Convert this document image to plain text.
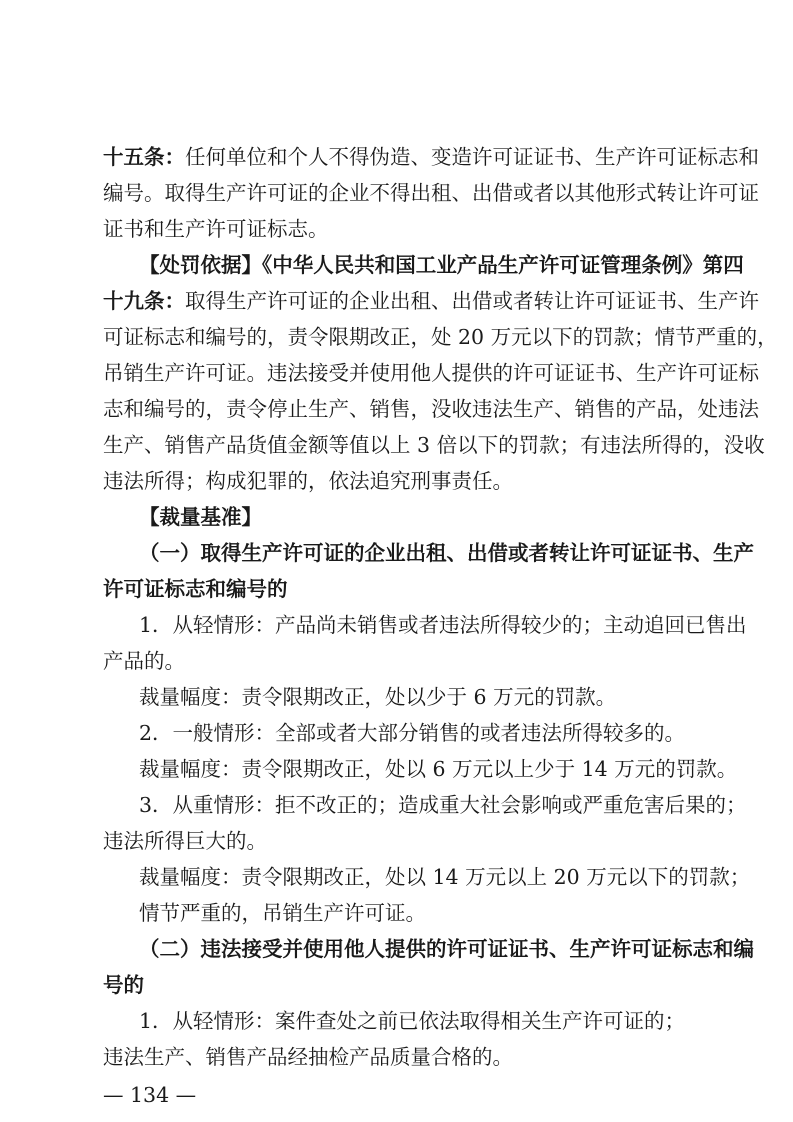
十五条：任何单位和个人不得伪造、变造许可证证书、生产许可证标志和
编号。取得生产许可证的企业不得出租、出借或者以其他形式转让许可证
证书和生产许可证标志。
【处罚依据】《中华人民共和国工业产品生产许可证管理条例》第四
十九条：取得生产许可证的企业出租、出借或者转让许可证证书、生产许
可证标志和编号的，责令限期改正，处 20 万元以下的罚款；情节严重的，
吊销生产许可证。违法接受并使用他人提供的许可证证书、生产许可证标
志和编号的，责令停止生产、销售，没收违法生产、销售的产品，处违法
生产、销售产品货值金额等值以上 3 倍以下的罚款；有违法所得的，没收
违法所得；构成犯罪的，依法追究刑事责任。
【裁量基准】
（一）取得生产许可证的企业出租、出借或者转让许可证证书、生产
许可证标志和编号的
1．从轻情形：产品尚未销售或者违法所得较少的；主动追回已售出
产品的。
裁量幅度：责令限期改正，处以少于 6 万元的罚款。
2．一般情形：全部或者大部分销售的或者违法所得较多的。
裁量幅度：责令限期改正，处以 6 万元以上少于 14 万元的罚款。
3．从重情形：拒不改正的；造成重大社会影响或严重危害后果的；
违法所得巨大的。
裁量幅度：责令限期改正，处以 14 万元以上 20 万元以下的罚款；
情节严重的，吊销生产许可证。
（二）违法接受并使用他人提供的许可证证书、生产许可证标志和编
号的
1．从轻情形：案件查处之前已依法取得相关生产许可证的；
违法生产、销售产品经抽检产品质量合格的。
— 134 —
